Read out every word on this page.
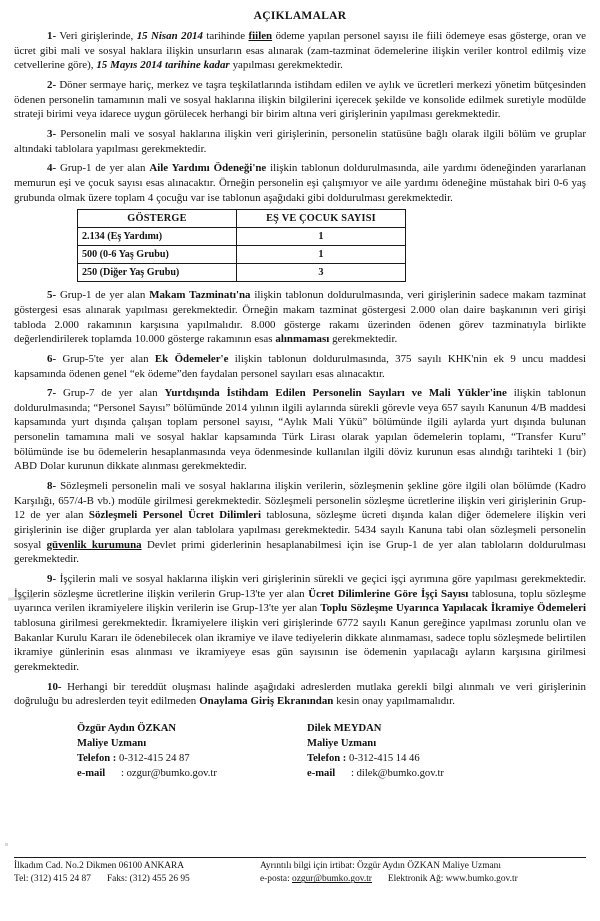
AÇIKLAMALAR

1- Veri girişlerinde, 15 Nisan 2014 tarihinde fiilen ödeme yapılan personel sayısı ile fiili ödemeye esas gösterge, oran ve ücret gibi mali ve sosyal haklara ilişkin unsurların esas alınarak (zam-tazminat ödemelerine ilişkin veriler kontrol edilmiş vize cetvellerine göre), 15 Mayıs 2014 tarihine kadar yapılması gerekmektedir.

2- Döner sermaye hariç, merkez ve taşra teşkilatlarında istihdam edilen ve aylık ve ücretleri merkezi yönetim bütçesinden ödenen personelin tamamının mali ve sosyal haklarına ilişkin bilgilerini içerecek şekilde ve konsolide edilmek suretiyle modülde strateji birimi veya idarece uygun görülecek herhangi bir birim altına veri girişlerinin yapılması gerekmektedir.

3- Personelin mali ve sosyal haklarına ilişkin veri girişlerinin, personelin statüsüne bağlı olarak ilgili bölüm ve gruplar altındaki tablolara yapılması gerekmektedir.

4- Grup-1 de yer alan Aile Yardımı Ödeneği'ne ilişkin tablonun doldurulmasında, aile yardımı ödeneğinden yararlanan memurun eşi ve çocuk sayısı esas alınacaktır. Örneğin personelin eşi çalışmıyor ve aile yardımı ödeneğine müstahak biri 0-6 yaş grubunda olmak üzere toplam 4 çocuğu var ise tablonun aşağıdaki gibi doldurulması gerekmektedir.

GÖSTERGE	EŞ VE ÇOCUK SAYISI
2.134 (Eş Yardımı)	1
500 (0-6 Yaş Grubu)	1
250 (Diğer Yaş Grubu)	3

5- Grup-1 de yer alan Makam Tazminatı'na ilişkin tablonun doldurulmasında, veri girişlerinin sadece makam tazminat göstergesi esas alınarak yapılması gerekmektedir. Örneğin makam tazminat göstergesi 2.000 olan daire başkanının veri girişi tabloda 2.000 rakamının karşısına yapılmalıdır. 8.000 gösterge rakamı üzerinden ödenen görev tazminatıyla birlikte değerlendirilerek toplamda 10.000 gösterge rakamının esas alınmaması gerekmektedir.

6- Grup-5'te yer alan Ek Ödemeler'e ilişkin tablonun doldurulmasında, 375 sayılı KHK'nin ek 9 uncu maddesi kapsamında ödenen genel “ek ödeme”den faydalan personel sayıları esas alınacaktır.

7- Grup-7 de yer alan Yurtdışında İstihdam Edilen Personelin Sayıları ve Mali Yükler'ine ilişkin tablonun doldurulmasında; “Personel Sayısı” bölümünde 2014 yılının ilgili aylarında sürekli görevle veya 657 sayılı Kanunun 4/B maddesi kapsamında yurt dışında çalışan toplam personel sayısı, “Aylık Mali Yükü” bölümünde ilgili aylarda yurt dışında bulunan personelin tamamına mali ve sosyal haklar kapsamında Türk Lirası olarak yapılan ödemelerin toplamı, “Transfer Kuru” bölümünde ise bu ödemelerin hesaplanmasında veya ödenmesinde kullanılan ilgili döviz kurunun esas alındığı tarihteki 1 (bir) ABD Dolar kurunun dikkate alınması gerekmektedir.

8- Sözleşmeli personelin mali ve sosyal haklarına ilişkin verilerin, sözleşmenin şekline göre ilgili olan bölümde (Kadro Karşılığı, 657/4-B vb.) modüle girilmesi gerekmektedir. Sözleşmeli personelin sözleşme ücretlerine ilişkin veri girişlerinin Grup-12 de yer alan Sözleşmeli Personel Ücret Dilimleri tablosuna, sözleşme ücreti dışında kalan diğer ödemelere ilişkin veri girişlerinin ise diğer gruplarda yer alan tablolara yapılması gerekmektedir. 5434 sayılı Kanuna tabi olan sözleşmeli personelin sosyal güvenlik kurumuna Devlet primi giderlerinin hesaplanabilmesi için ise Grup-1 de yer alan tabloların doldurulması gerekmektedir.

9- İşçilerin mali ve sosyal haklarına ilişkin veri girişlerinin sürekli ve geçici işçi ayrımına göre yapılması gerekmektedir. İşçilerin sözleşme ücretlerine ilişkin verilerin Grup-13'te yer alan Ücret Dilimlerine Göre İşçi Sayısı tablosuna, toplu sözleşme uyarınca verilen ikramiyelere ilişkin verilerin ise Grup-13'te yer alan Toplu Sözleşme Uyarınca Yapılacak İkramiye Ödemeleri tablosuna girilmesi gerekmektedir. İkramiyelere ilişkin veri girişlerinde 6772 sayılı Kanun gereğince yapılması zorunlu olan ve Bakanlar Kurulu Kararı ile ödenebilecek olan ikramiye ve ilave tediyelerin dikkate alınmaması, sadece toplu sözleşmede belirtilen ikramiye günlerinin esas alınması ve ikramiyeye esas gün sayısının ise ödemenin yapılacağı ayların karşısına girilmesi gerekmektedir.

10- Herhangi bir tereddüt oluşması halinde aşağıdaki adreslerden mutlaka gerekli bilgi alınmalı ve veri girişlerinin doğruluğu bu adreslerden teyit edilmeden Onaylama Giriş Ekranından kesin onay yapılmamalıdır.

Özgür Aydın ÖZKAN
Maliye Uzmanı
Telefon : 0-312-415 24 87
e-mail : ozgur@bumko.gov.tr
Dilek MEYDAN
Maliye Uzmanı
Telefon : 0-312-415 14 46
e-mail : dilek@bumko.gov.tr
İlkadım Cad. No.2 Dikmen 06100 ANKARA	Ayrıntılı bilgi için irtibat: Özgür Aydın ÖZKAN Maliye Uzmanı
Tel: (312) 415 24 87 Faks: (312) 455 26 95	e-posta: ozgur@bumko.gov.tr Elektronik Ağ: www.bumko.gov.tr
